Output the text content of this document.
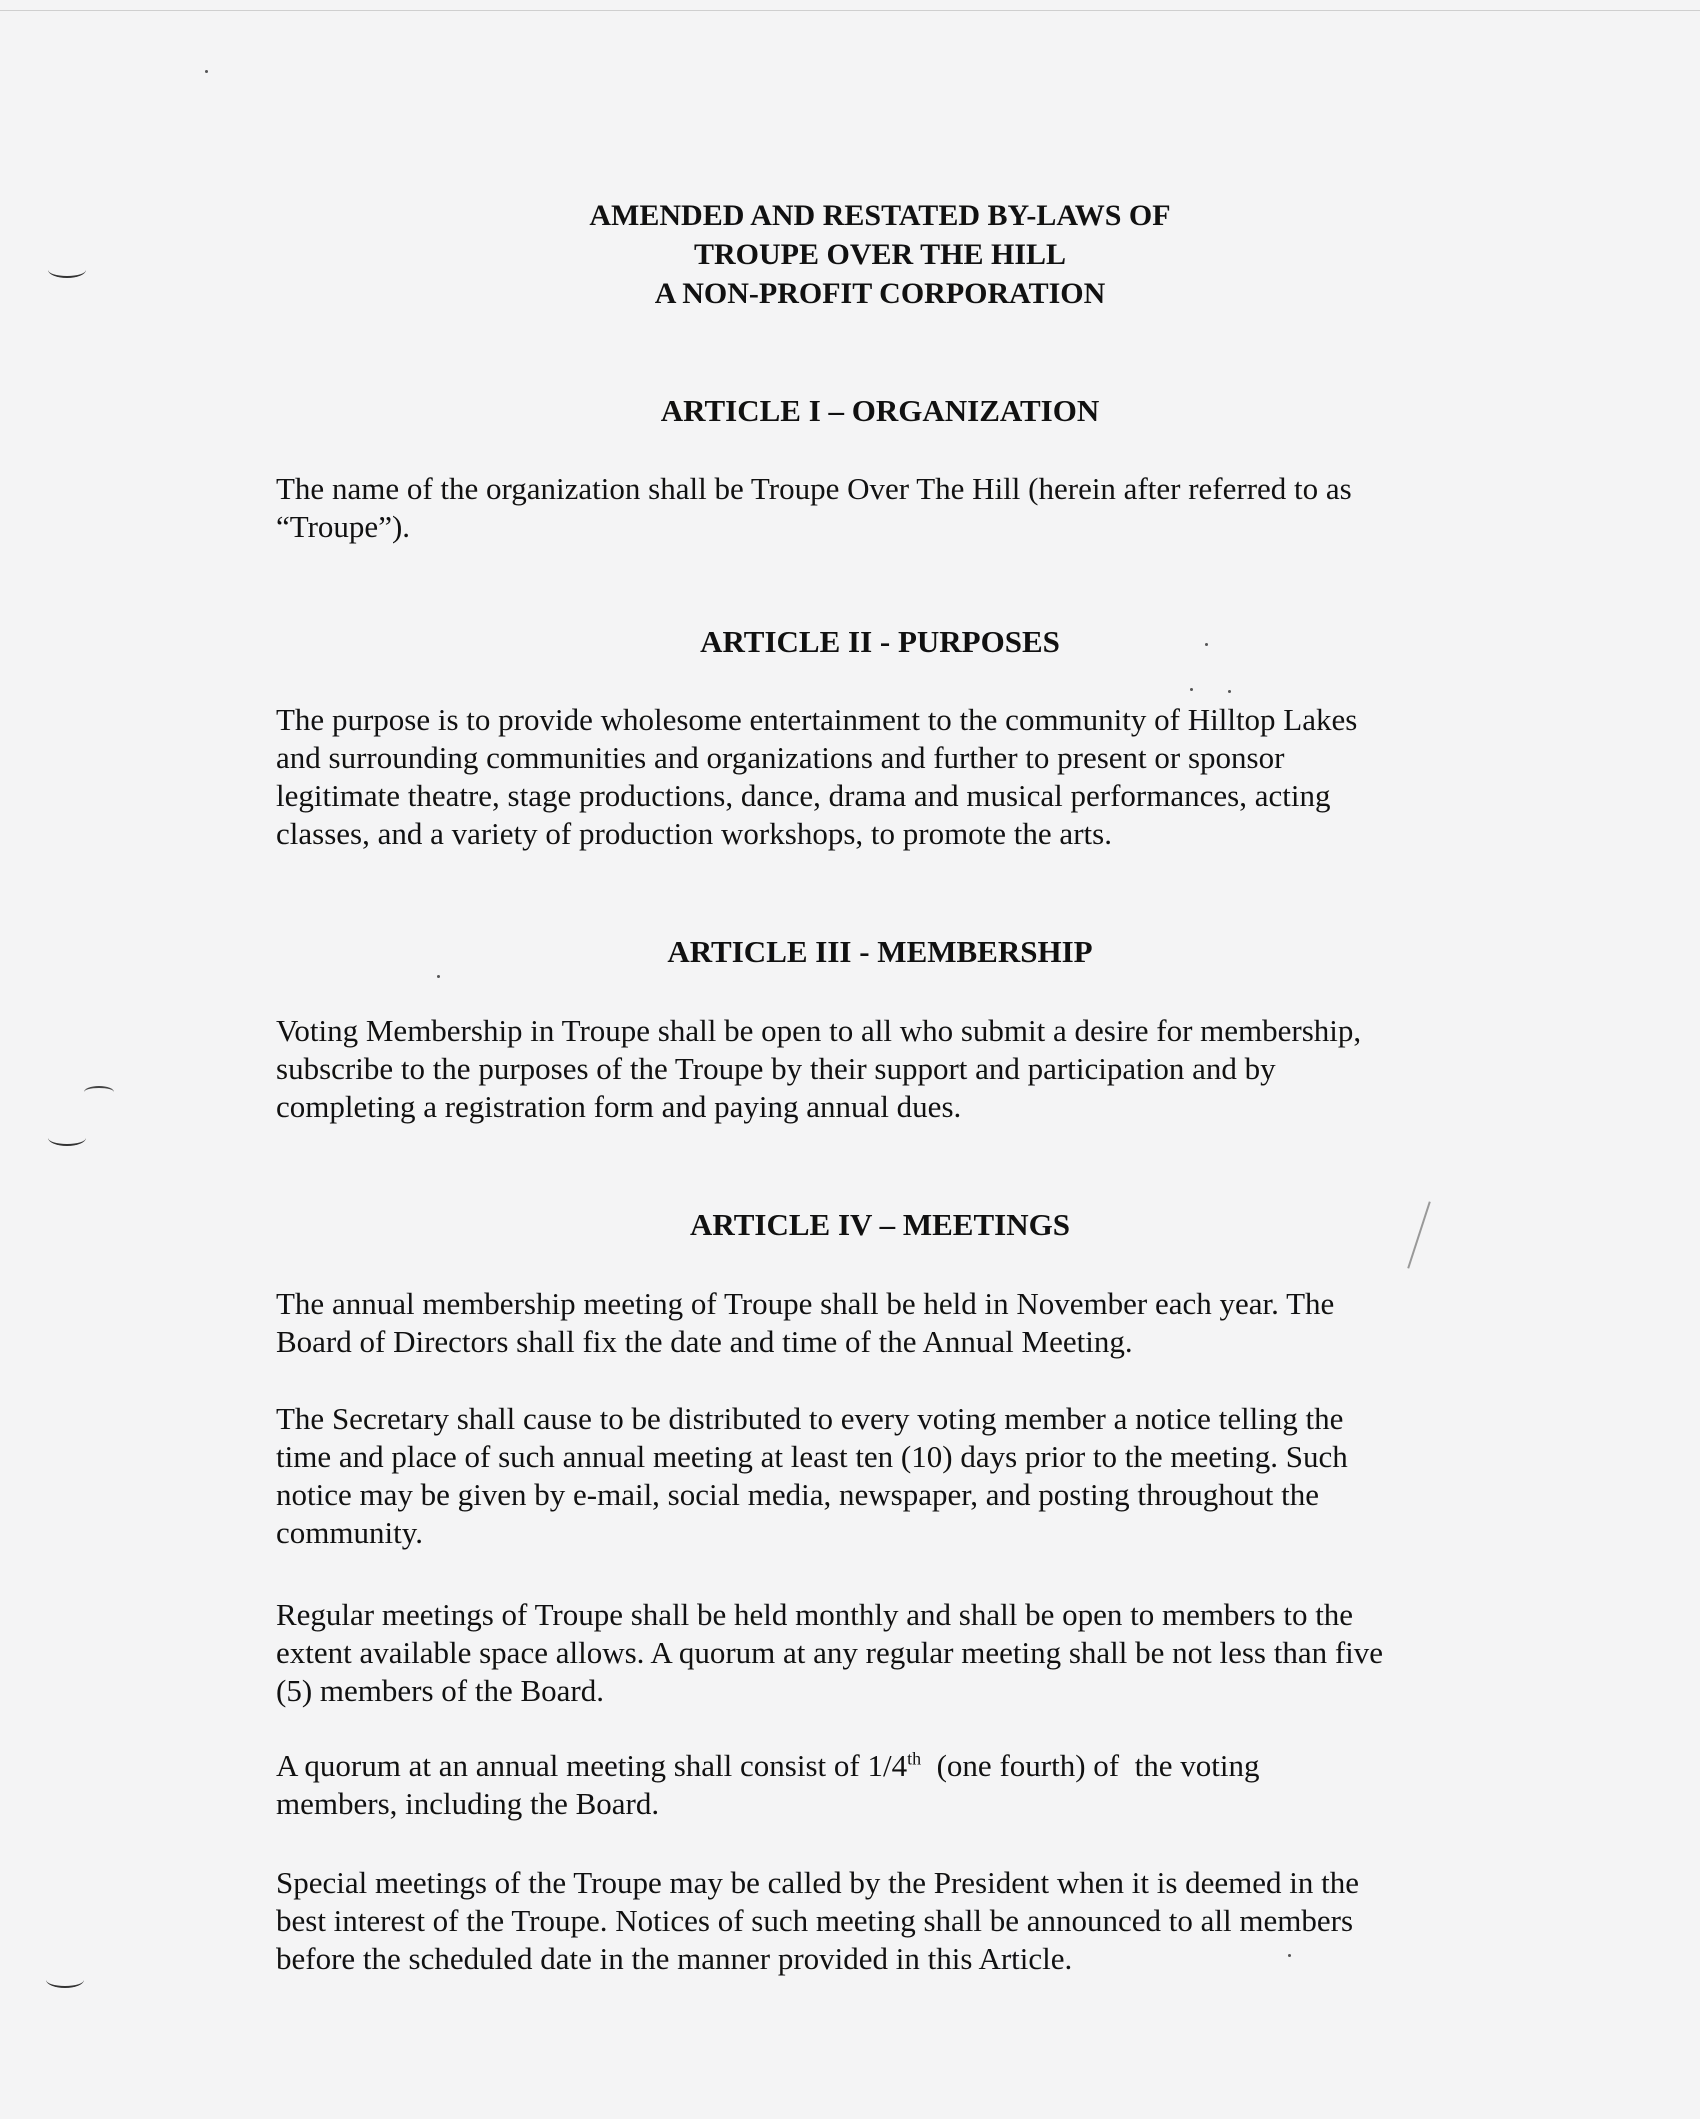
AMENDED AND RESTATED BY-LAWS OF
TROUPE OVER THE HILL
A NON-PROFIT CORPORATION
ARTICLE I – ORGANIZATION
The name of the organization shall be Troupe Over The Hill (herein after referred to as
“Troupe”).
ARTICLE II - PURPOSES
The purpose is to provide wholesome entertainment to the community of Hilltop Lakes
and surrounding communities and organizations and further to present or sponsor
legitimate theatre, stage productions, dance, drama and musical performances, acting
classes, and a variety of production workshops, to promote the arts.
ARTICLE III - MEMBERSHIP
Voting Membership in Troupe shall be open to all who submit a desire for membership,
subscribe to the purposes of the Troupe by their support and participation and by
completing a registration form and paying annual dues.
ARTICLE IV – MEETINGS
The annual membership meeting of Troupe shall be held in November each year. The
Board of Directors shall fix the date and time of the Annual Meeting.
The Secretary shall cause to be distributed to every voting member a notice telling the
time and place of such annual meeting at least ten (10) days prior to the meeting. Such
notice may be given by e-mail, social media, newspaper, and posting throughout the
community.
Regular meetings of Troupe shall be held monthly and shall be open to members to the
extent available space allows. A quorum at any regular meeting shall be not less than five
(5) members of the Board.
A quorum at an annual meeting shall consist of 1/4th  (one fourth) of  the voting
members, including the Board.
Special meetings of the Troupe may be called by the President when it is deemed in the
best interest of the Troupe. Notices of such meeting shall be announced to all members
before the scheduled date in the manner provided in this Article.
